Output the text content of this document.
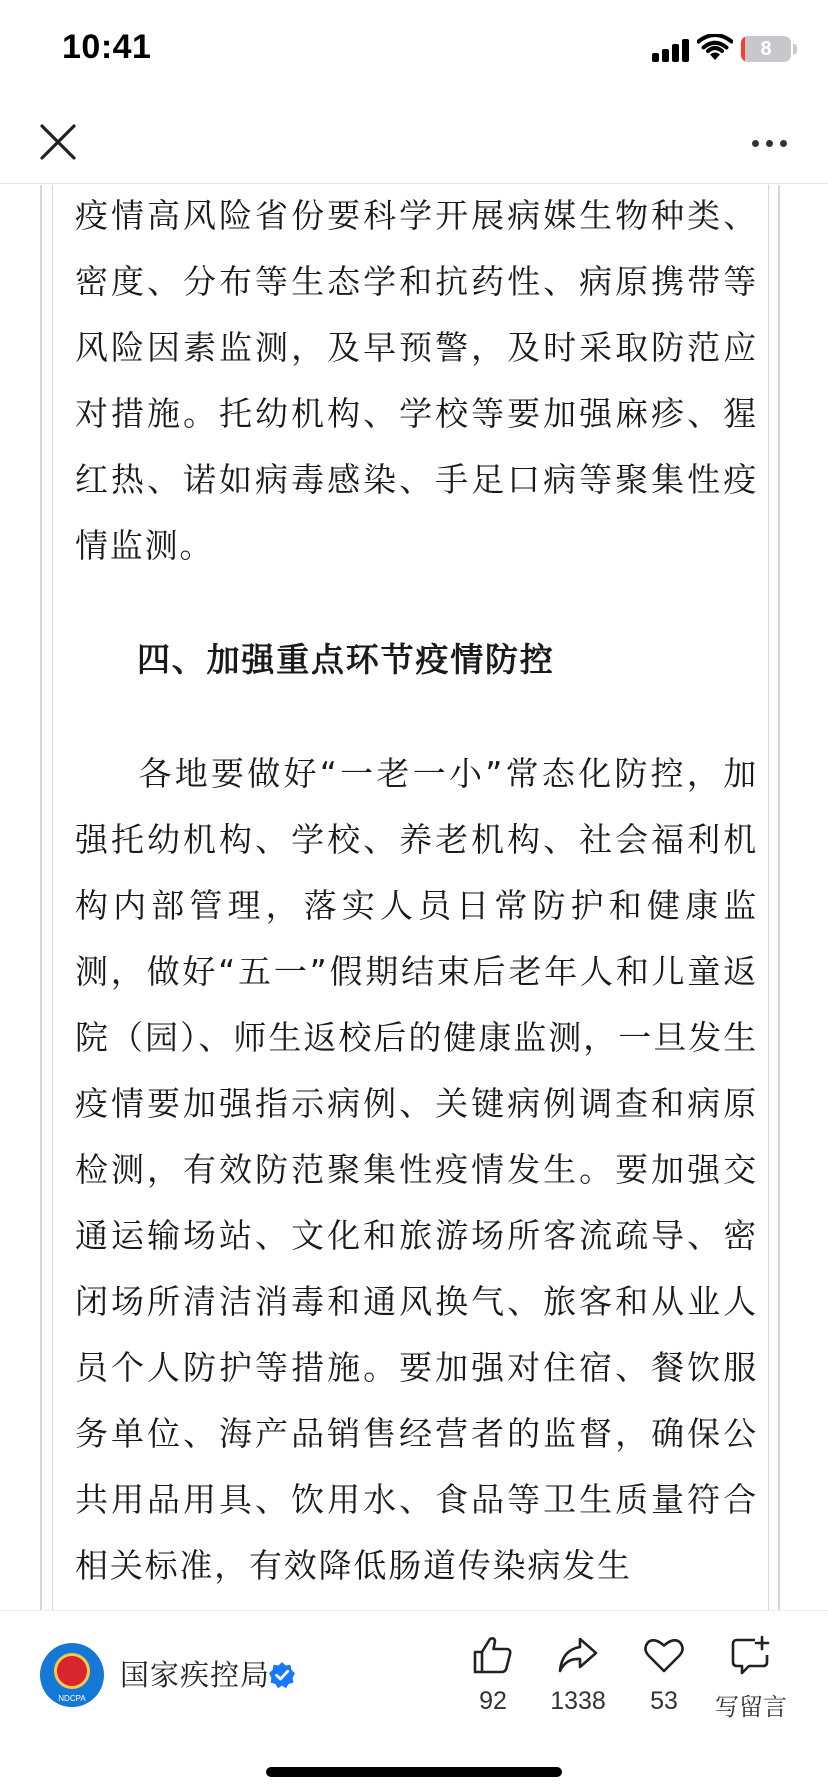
10:41	8

疫情高风险省份要科学开展病媒生物种类、密度、分布等生态学和抗药性、病原携带等风险因素监测，及早预警，及时采取防范应对措施。托幼机构、学校等要加强麻疹、猩红热、诺如病毒感染、手足口病等聚集性疫情监测。

四、加强重点环节疫情防控

各地要做好“一老一小”常态化防控，加强托幼机构、学校、养老机构、社会福利机构内部管理，落实人员日常防护和健康监测，做好“五一”假期结束后老年人和儿童返院（园）、师生返校后的健康监测，一旦发生疫情要加强指示病例、关键病例调查和病原检测，有效防范聚集性疫情发生。要加强交通运输场站、文化和旅游场所客流疏导、密闭场所清洁消毒和通风换气、旅客和从业人员个人防护等措施。要加强对住宿、餐饮服务单位、海产品销售经营者的监督，确保公共用品用具、饮用水、食品等卫生质量符合相关标准，有效降低肠道传染病发生

NDCPA
国家疾控局
92	1338	53	写留言
